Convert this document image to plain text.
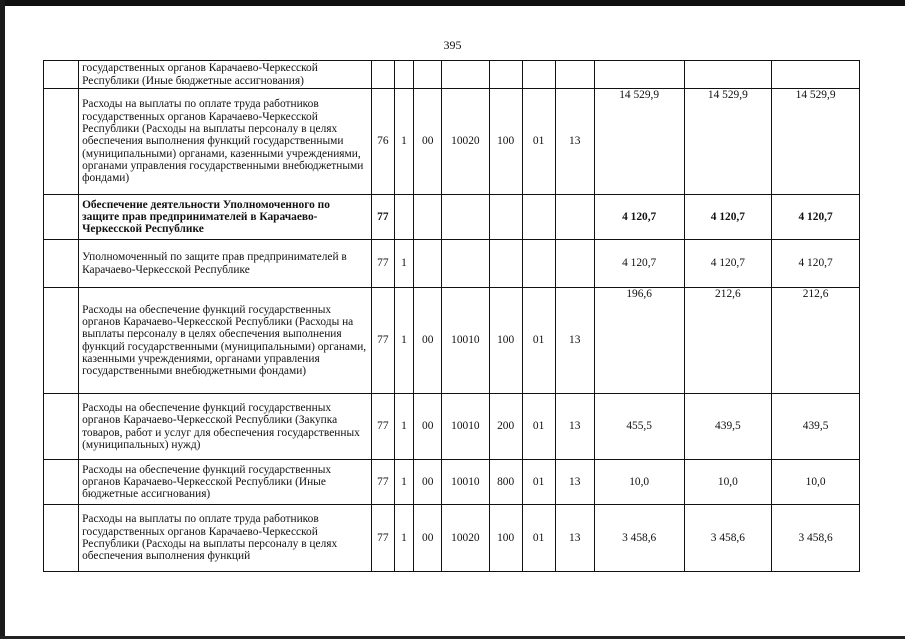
395
	государственных органов Карачаево-Черкесской Республики (Иные бюджетные ассигнования)										
	Расходы на выплаты по оплате труда работников государственных органов Карачаево-Черкесской Республики (Расходы на выплаты персоналу в целях обеспечения выполнения функций государственными (муниципальными) органами, казенными учреждениями, органами управления государственными внебюджетными фондами)	76	1	00	10020	100	01	13	14 529,9	14 529,9	14 529,9
	Обеспечение деятельности Уполномоченного по защите прав предпринимателей в Карачаево-Черкесской Республике	77							4 120,7	4 120,7	4 120,7
	Уполномоченный по защите прав предпринимателей в Карачаево-Черкесской Республике	77	1						4 120,7	4 120,7	4 120,7
	Расходы на обеспечение функций государственных органов Карачаево-Черкесской Республики (Расходы на выплаты персоналу в целях обеспечения выполнения функций государственными (муниципальными) органами, казенными учреждениями, органами управления государственными внебюджетными фондами)	77	1	00	10010	100	01	13	196,6	212,6	212,6
	Расходы на обеспечение функций государственных органов Карачаево-Черкесской Республики (Закупка товаров, работ и услуг для обеспечения государственных (муниципальных) нужд)	77	1	00	10010	200	01	13	455,5	439,5	439,5
	Расходы на обеспечение функций государственных органов Карачаево-Черкесской Республики (Иные бюджетные ассигнования)	77	1	00	10010	800	01	13	10,0	10,0	10,0
	Расходы на выплаты по оплате труда работников государственных органов Карачаево-Черкесской Республики (Расходы на выплаты персоналу в целях обеспечения выполнения функций	77	1	00	10020	100	01	13	3 458,6	3 458,6	3 458,6
